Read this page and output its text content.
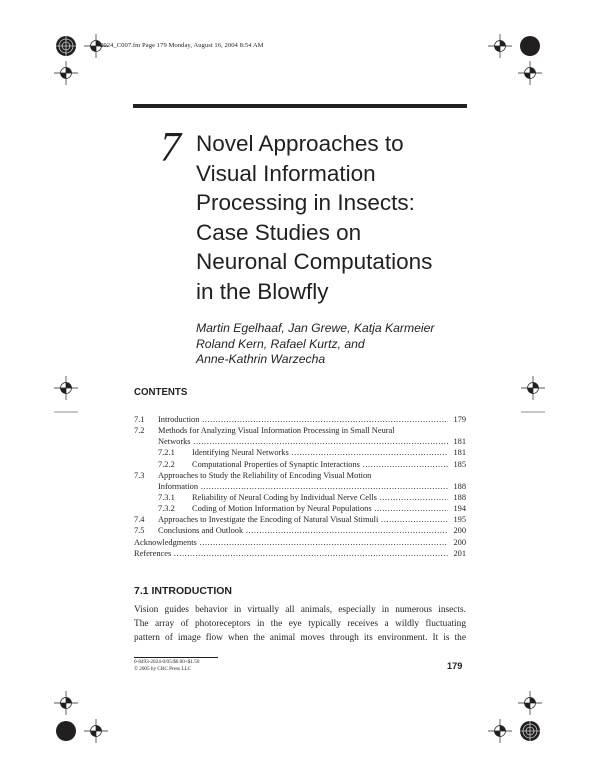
2024_C007.fm Page 179 Monday, August 16, 2004 8:54 AM
7 Novel Approaches to
Visual Information
Processing in Insects:
Case Studies on
Neuronal Computations
in the Blowfly
Martin Egelhaaf, Jan Grewe, Katja Karmeier
Roland Kern, Rafael Kurtz, and
Anne-Kathrin Warzecha
CONTENTS
7.1	Introduction .....	179
7.2	Methods for Analyzing Visual Information Processing in Small Neural
Networks .....	181
7.2.1	Identifying Neural Networks .....	181
7.2.2	Computational Properties of Synaptic Interactions .....	185
7.3	Approaches to Study the Reliability of Encoding Visual Motion
Information .....	188
7.3.1	Reliability of Neural Coding by Individual Nerve Cells .....	188
7.3.2	Coding of Motion Information by Neural Populations .....	194
7.4	Approaches to Investigate the Encoding of Natural Visual Stimuli .....	195
7.5	Conclusions and Outlook .....	200
Acknowledgments .....	200
References .....	201
7.1 INTRODUCTION
Vision guides behavior in virtually all animals, especially in numerous insects.
The array of photoreceptors in the eye typically receives a wildly fluctuating
pattern of image flow when the animal moves through its environment. It is the
0-8493-2024-0/05/$0.00+$1.50
© 2005 by CRC Press LLC	179
